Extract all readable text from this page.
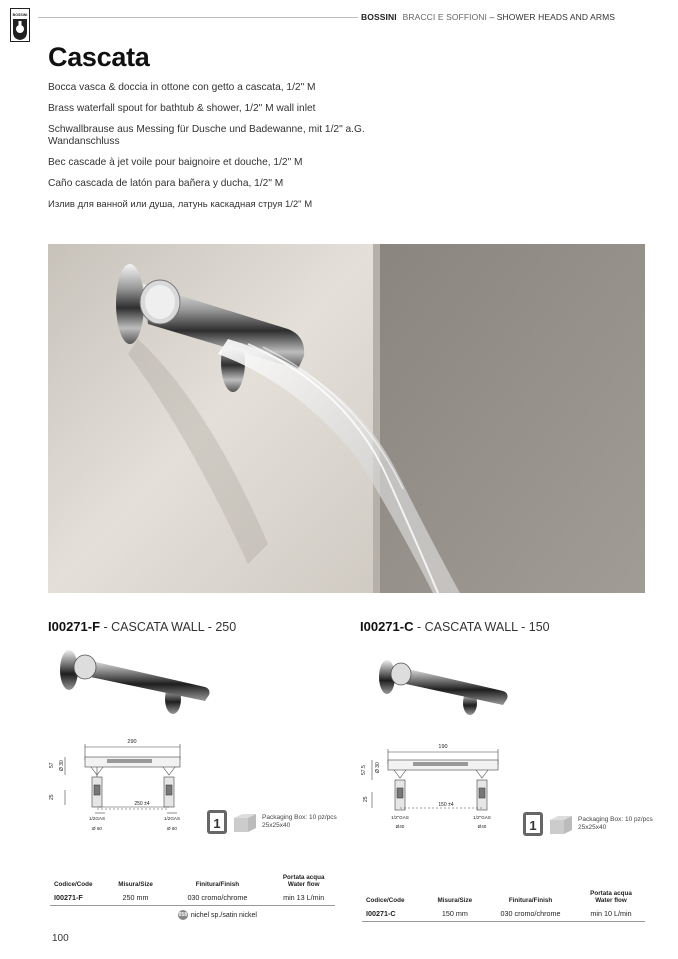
BOSSINI	BOSSINI BRACCI E SOFFIONI – SHOWER HEADS AND ARMS
Cascata

Bocca vasca & doccia in ottone con getto a cascata, 1/2" M

Brass waterfall spout for bathtub & shower, 1/2" M wall inlet

Schwallbrause aus Messing für Dusche und Badewanne, mit 1/2" a.G. Wandanschluss

Bec cascade à jet voile pour baignoire et douche, 1/2" M

Caño cascada de latón para bañera y ducha, 1/2" M

Излив для ванной или душа, латунь каскадная струя 1/2" M

I00271-F - CASCATA WALL - 250
290
57 Ø 30
25
250 ±4
1/2GAS	1/2GAS
Ø 60	Ø 60	1	Packaging Box: 10 pz/pcs
25x25x40
Codice/Code	Misura/Size	Finitura/Finish	Portata acqua
Water flow
I00271-F	250 mm	030 cromo/chrome	min 13 L/min

058 nichel sp./satin nickel	

I00271-C - CASCATA WALL - 150
190
57.5 Ø 30
25
150 ±4
1/2"GAS	1/2"GAS
Ø40	Ø40	1	Packaging Box: 10 pz/pcs
25x25x40
Codice/Code	Misura/Size	Finitura/Finish	Portata acqua
Water flow
I00271-C	150 mm	030 cromo/chrome	min 10 L/min
100
